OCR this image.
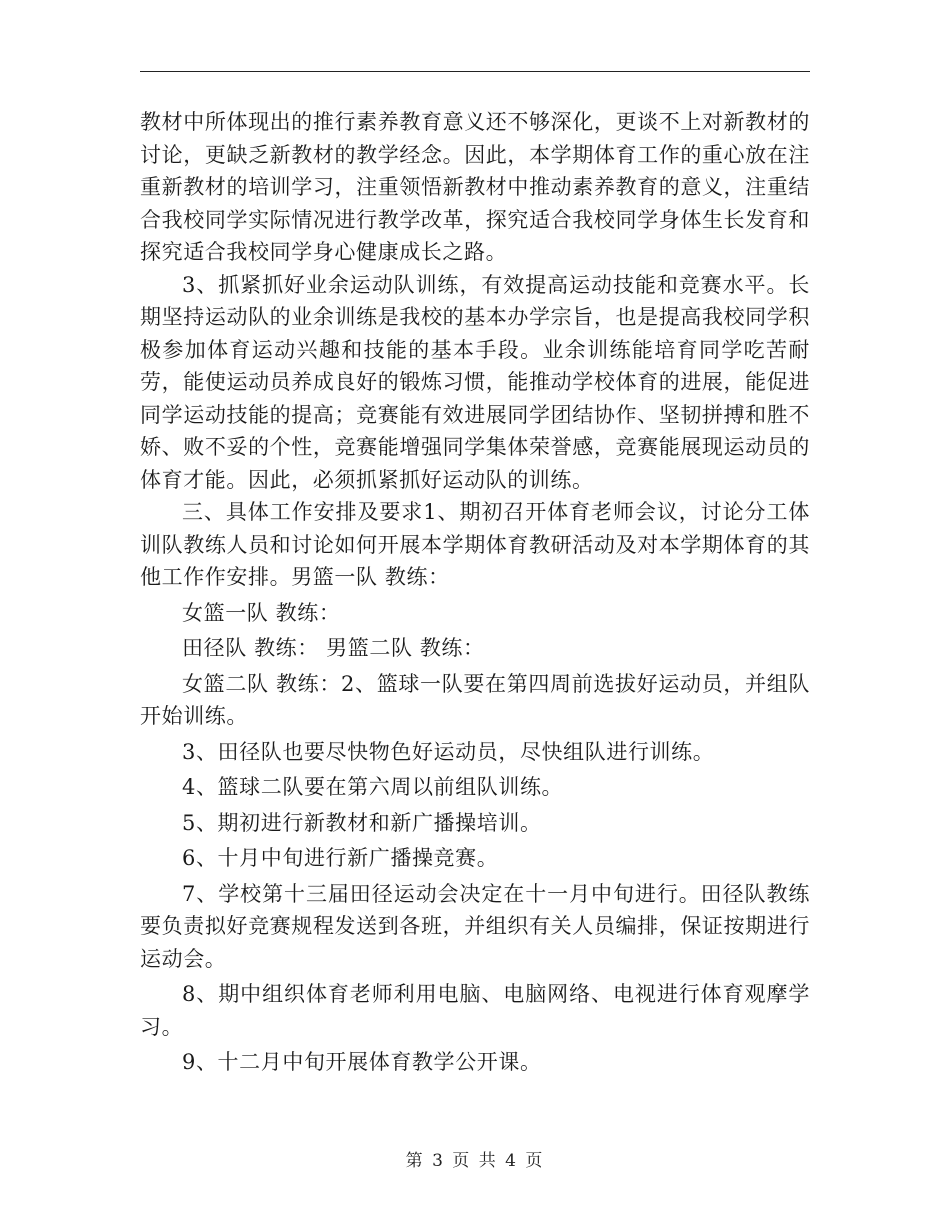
教材中所体现出的推行素养教育意义还不够深化，更谈不上对新教材的讨论，更缺乏新教材的教学经念。因此，本学期体育工作的重心放在注重新教材的培训学习，注重领悟新教材中推动素养教育的意义，注重结合我校同学实际情况进行教学改革，探究适合我校同学身体生长发育和探究适合我校同学身心健康成长之路。

3、抓紧抓好业余运动队训练，有效提高运动技能和竞赛水平。长期坚持运动队的业余训练是我校的基本办学宗旨，也是提高我校同学积极参加体育运动兴趣和技能的基本手段。业余训练能培育同学吃苦耐劳，能使运动员养成良好的锻炼习惯，能推动学校体育的进展，能促进同学运动技能的提高；竞赛能有效进展同学团结协作、坚韧拼搏和胜不娇、败不妥的个性，竞赛能增强同学集体荣誉感，竞赛能展现运动员的体育才能。因此，必须抓紧抓好运动队的训练。

三、具体工作安排及要求1、期初召开体育老师会议，讨论分工体训队教练人员和讨论如何开展本学期体育教研活动及对本学期体育的其他工作作安排。男篮一队 教练：

女篮一队 教练：

田径队 教练： 男篮二队 教练：

女篮二队 教练：2、篮球一队要在第四周前选拔好运动员，并组队开始训练。

3、田径队也要尽快物色好运动员，尽快组队进行训练。

4、篮球二队要在第六周以前组队训练。

5、期初进行新教材和新广播操培训。

6、十月中旬进行新广播操竞赛。

7、学校第十三届田径运动会决定在十一月中旬进行。田径队教练要负责拟好竞赛规程发送到各班，并组织有关人员编排，保证按期进行运动会。

8、期中组织体育老师利用电脑、电脑网络、电视进行体育观摩学习。

9、十二月中旬开展体育教学公开课。

第 3 页 共 4 页
